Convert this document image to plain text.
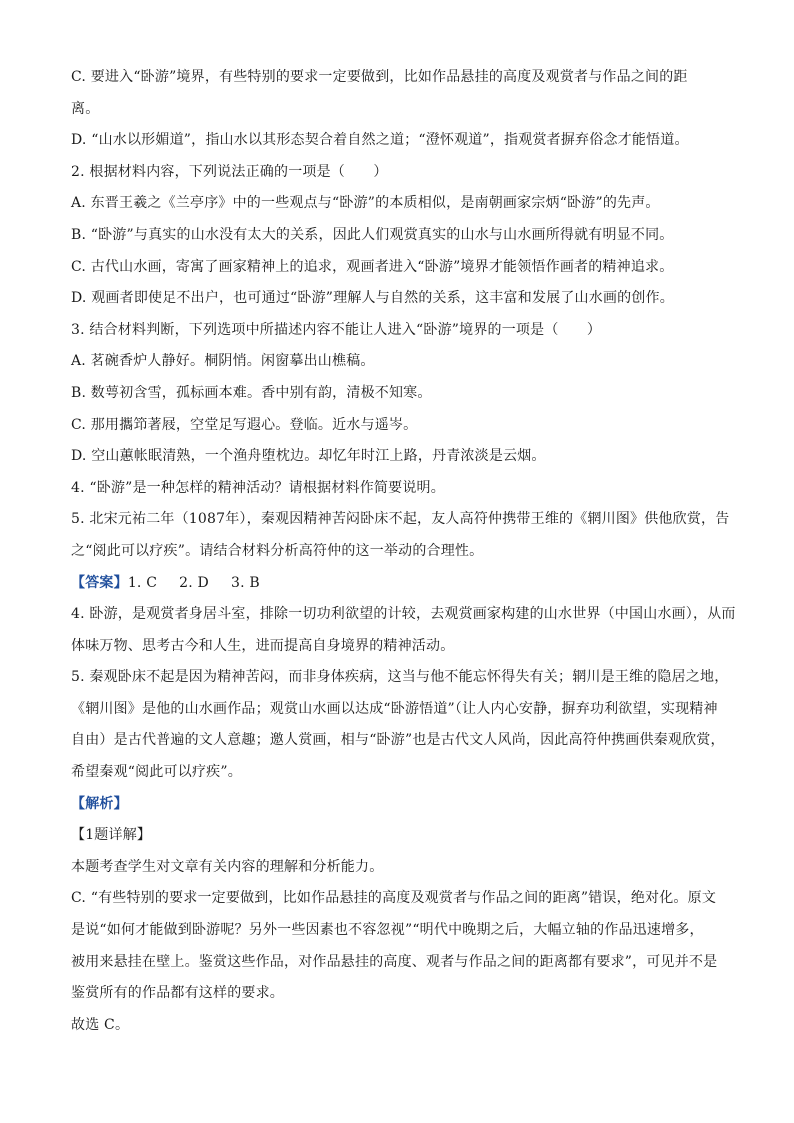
C. 要进入“卧游”境界，有些特别的要求一定要做到，比如作品悬挂的高度及观赏者与作品之间的距
离。
D. “山水以形媚道”，指山水以其形态契合着自然之道；“澄怀观道”，指观赏者摒弃俗念才能悟道。
2. 根据材料内容，下列说法正确的一项是（　　）
A. 东晋王羲之《兰亭序》中的一些观点与“卧游”的本质相似，是南朝画家宗炳“卧游”的先声。
B. “卧游”与真实的山水没有太大的关系，因此人们观赏真实的山水与山水画所得就有明显不同。
C. 古代山水画，寄寓了画家精神上的追求，观画者进入“卧游”境界才能领悟作画者的精神追求。
D. 观画者即使足不出户，也可通过“卧游”理解人与自然的关系，这丰富和发展了山水画的创作。
3. 结合材料判断，下列选项中所描述内容不能让人进入“卧游”境界的一项是（　　）
A. 茗碗香炉人静好。桐阴悄。闲窗摹出山樵稿。
B. 数萼初含雪，孤标画本难。香中别有韵，清极不知寒。
C. 那用攜笻著屐，空堂足写遐心。登临。近水与遥岑。
D. 空山蕙帐眠清熟，一个渔舟堕枕边。却忆年时江上路，丹青浓淡是云烟。
4. “卧游”是一种怎样的精神活动？请根据材料作简要说明。
5. 北宋元祐二年（1087年），秦观因精神苦闷卧床不起，友人高符仲携带王维的《辋川图》供他欣赏，告
之“阅此可以疗疾”。请结合材料分析高符仲的这一举动的合理性。
【答案】1. C 2. D 3. B
4. 卧游，是观赏者身居斗室，排除一切功利欲望的计较，去观赏画家构建的山水世界（中国山水画），从而
体味万物、思考古今和人生，进而提高自身境界的精神活动。
5. 秦观卧床不起是因为精神苦闷，而非身体疾病，这当与他不能忘怀得失有关；辋川是王维的隐居之地，
《辋川图》是他的山水画作品；观赏山水画以达成“卧游悟道”（让人内心安静，摒弃功利欲望，实现精神
自由）是古代普遍的文人意趣；邀人赏画，相与“卧游”也是古代文人风尚，因此高符仲携画供秦观欣赏，
希望秦观“阅此可以疗疾”。
【解析】
【1题详解】
本题考查学生对文章有关内容的理解和分析能力。
C. “有些特别的要求一定要做到，比如作品悬挂的高度及观赏者与作品之间的距离”错误，绝对化。原文
是说“如何才能做到卧游呢？另外一些因素也不容忽视”“明代中晚期之后，大幅立轴的作品迅速增多，
被用来悬挂在壁上。鉴赏这些作品，对作品悬挂的高度、观者与作品之间的距离都有要求”，可见并不是
鉴赏所有的作品都有这样的要求。
故选 C。
